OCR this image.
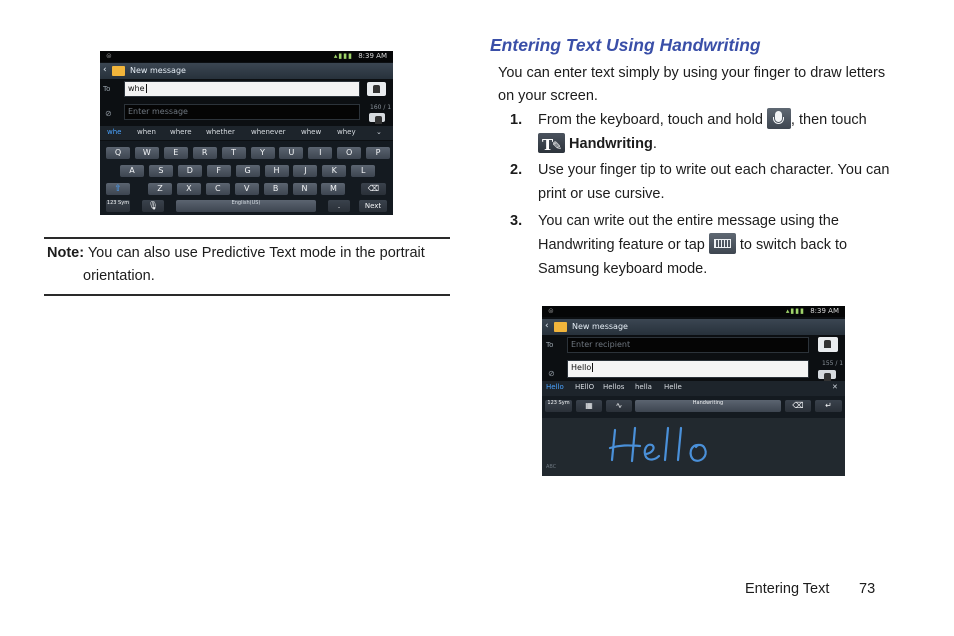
⊜	▴▮▮▮ 8:39 AM
‹	New message
To	whe
⊘	Enter message	160 / 1
whe when where whether whenever whew whey	⌄
Q	W	E	R	T	Y	U	I	O	P
A	S	D	F	G	H	J	K	L
Z	X	C	V	B	N	M
⇧	⌫
123 Sym	🎙	English(US)	.	Next
Note: You can also use Predictive Text mode in the portrait
orientation.
Entering Text Using Handwriting
You can enter text simply by using your finger to draw letters
on your screen.
1. From the keyboard, touch and hold , then touch
T
✎ Handwriting.
2. Use your finger tip to write out each character. You can
print or use cursive.
3. You can write out the entire message using the
Handwriting feature or tap to switch back to
Samsung keyboard mode.
⊜	▴▮▮▮ 8:39 AM
‹	New message
To	Enter recipient
⊘
Hello	155 / 1
Hello HEllO Hellos hella Helle	✕
123 Sym	▦	∿	Handwriting	⌫	↵
ABC
Entering Text 73
